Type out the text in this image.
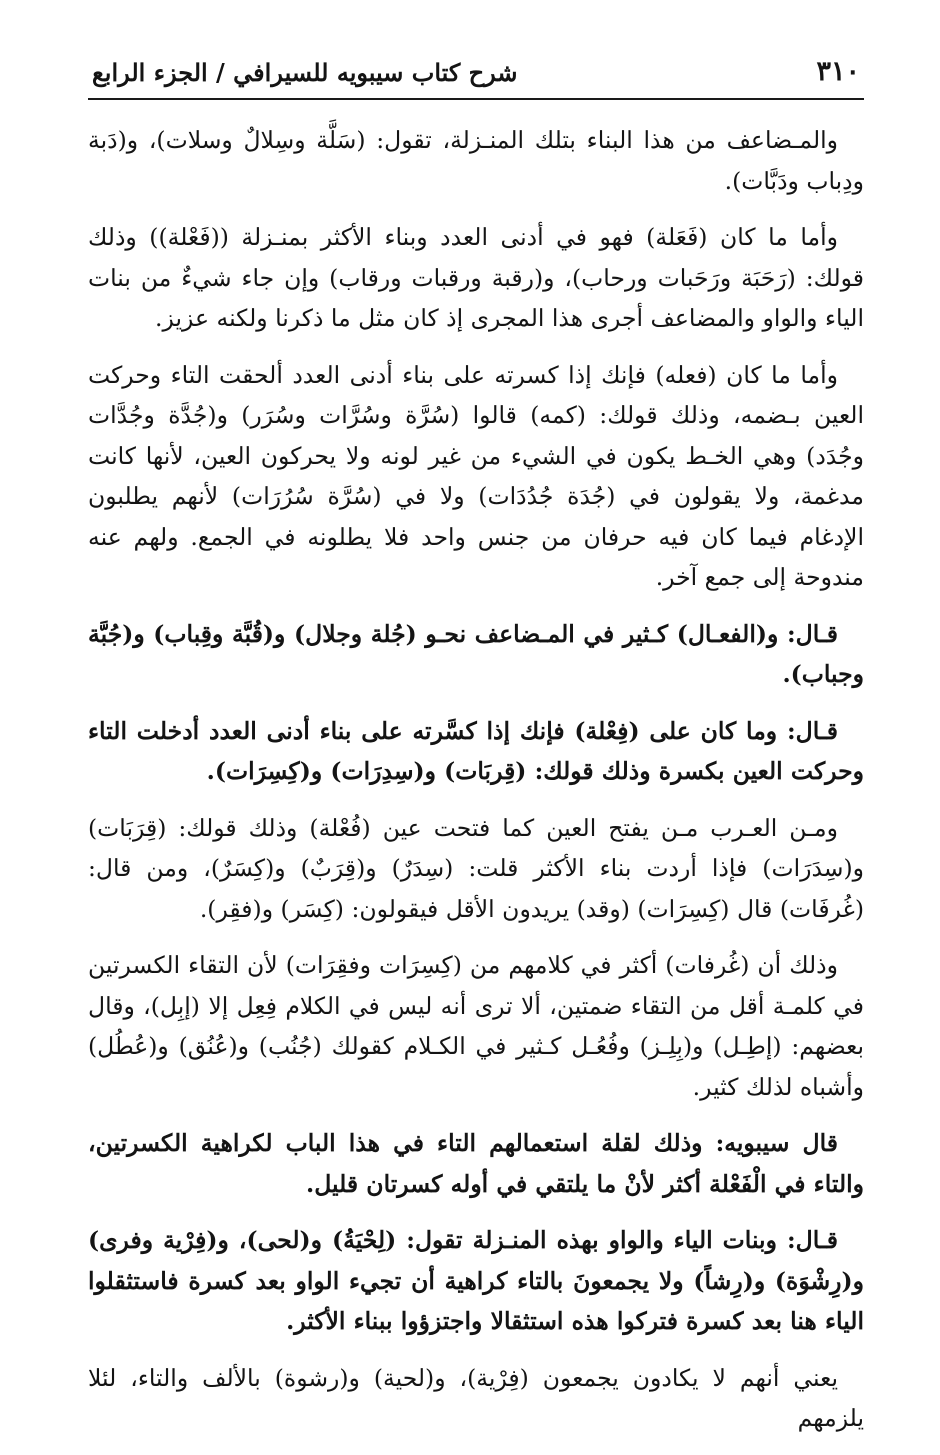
٣١٠
شرح كتاب سيبويه للسيرافي / الجزء الرابع

والمـضاعف من هذا البناء بتلك المنـزلة، تقول: (سَلَّة وسِلالٌ وسلات)، و(دَبة ودِباب ودَبَّات).

وأما ما كان (فَعَلة) فهو في أدنى العدد وبناء الأكثر بمنـزلة ((فَعْلة)) وذلك قولك: (رَحَبَة ورَحَبات ورحاب)، و(رقبة ورقبات ورقاب) وإن جاء شيءٌ من بنات الياء والواو والمضاعف أجرى هذا المجرى إذ كان مثل ما ذكرنا ولكنه عزيز.

وأما ما كان (فعله) فإنك إذا كسرته على بناء أدنى العدد ألحقت التاء وحركت العين بـضمه، وذلك قولك: (كمه) قالوا (سُرَّة وسُرَّات وسُرَر) و(جُدَّة وجُدَّات وجُدَد) وهي الخـط يكون في الشيء من غير لونه ولا يحركون العين، لأنها كانت مدغمة، ولا يقولون في (جُدَة جُدُدَات) ولا في (سُرَّة سُرُرَات) لأنهم يطلبون الإدغام فيما كان فيه حرفان من جنس واحد فلا يطلونه في الجمع. ولهم عنه مندوحة إلى جمع آخر.

قـال: و(الفعـال) كـثير في المـضاعف نحـو (جُلة وجلال) و(قُبَّة وقِباب) و(جُبَّة وجباب).

قـال: وما كان على (فِعْلة) فإنك إذا كسَّرته على بناء أدنى العدد أدخلت التاء وحركت العين بكسرة وذلك قولك: (قِربَات) و(سِدِرَات) و(كِسِرَات).

ومـن العـرب مـن يفتح العين كما فتحت عين (فُعْلة) وذلك قولك: (قِرَبَات) و(سِدَرَات) فإذا أردت بناء الأكثر قلت: (سِدَرٌ) و(قِرَبٌ) و(كِسَرٌ)، ومن قال: (غُرفَات) قال (كِسِرَات) (وقد) يريدون الأقل فيقولون: (كِسَر) و(فقِر).

وذلك أن (غُرفات) أكثر في كلامهم من (كِسِرَات وفقِرَات) لأن التقاء الكسرتين في كلمـة أقل من التقاء ضمتين، ألا ترى أنه ليس في الكلام فِعِل إلا (إبِل)، وقال بعضهم: (إطِـل) و(بِلِـز) وفُعُـل كـثير في الكـلام كقولك (جُنُب) و(عُنُق) و(عُطُل) وأشباه لذلك كثير.

قال سيبويه: وذلك لقلة استعمالهم التاء في هذا الباب لكراهية الكسرتين، والتاء في الْفَعْلة أكثر لأنْ ما يلتقي في أوله كسرتان قليل.

قـال: وبنات الياء والواو بهذه المنـزلة تقول: (لِحْيَةُ) و(لحى)، و(فِرْية وفرى) و(رِشْوَة) و(رِشاً) ولا يجمعونَ بالتاء كراهية أن تجيء الواو بعد كسرة فاستثقلوا الياء هنا بعد كسرة فتركوا هذه استثقالا واجتزؤوا ببناء الأكثر.

يعني أنهم لا يكادون يجمعون (فِرْية)، و(لحية) و(رشوة) بالألف والتاء، لئلا يلزمهم
